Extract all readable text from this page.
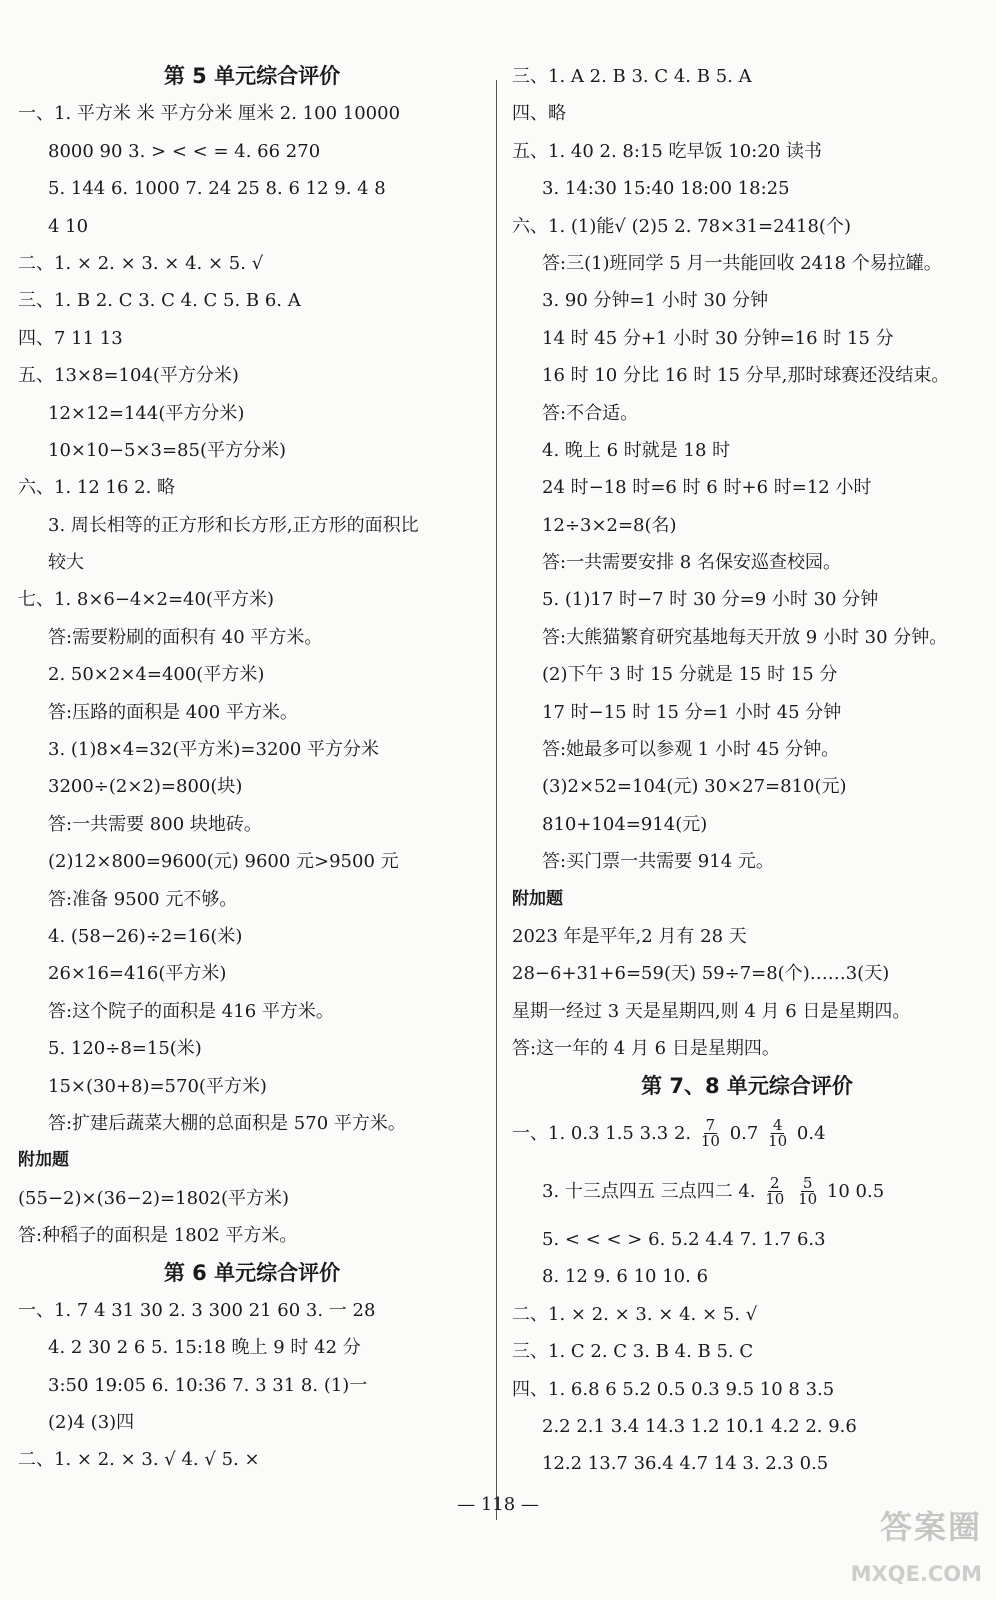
第 5 单元综合评价
一、1. 平方米 米 平方分米 厘米 2. 100 10000
8000 90 3. > < < = 4. 66 270
5. 144 6. 1000 7. 24 25 8. 6 12 9. 4 8
4 10
二、1. × 2. × 3. × 4. × 5. √
三、1. B 2. C 3. C 4. C 5. B 6. A
四、7 11 13
五、13×8=104(平方分米)
12×12=144(平方分米)
10×10−5×3=85(平方分米)
六、1. 12 16 2. 略
3. 周长相等的正方形和长方形,正方形的面积比
较大
七、1. 8×6−4×2=40(平方米)
答:需要粉刷的面积有 40 平方米。
2. 50×2×4=400(平方米)
答:压路的面积是 400 平方米。
3. (1)8×4=32(平方米)=3200 平方分米
3200÷(2×2)=800(块)
答:一共需要 800 块地砖。
(2)12×800=9600(元) 9600 元>9500 元
答:准备 9500 元不够。
4. (58−26)÷2=16(米)
26×16=416(平方米)
答:这个院子的面积是 416 平方米。
5. 120÷8=15(米)
15×(30+8)=570(平方米)
答:扩建后蔬菜大棚的总面积是 570 平方米。
附加题
(55−2)×(36−2)=1802(平方米)
答:种稻子的面积是 1802 平方米。
第 6 单元综合评价
一、1. 7 4 31 30 2. 3 300 21 60 3. 一 28
4. 2 30 2 6 5. 15:18 晚上 9 时 42 分
3:50 19:05 6. 10:36 7. 3 31 8. (1)一
(2)4 (3)四
二、1. × 2. × 3. √ 4. √ 5. ×
三、1. A 2. B 3. C 4. B 5. A
四、略
五、1. 40 2. 8:15 吃早饭 10:20 读书
3. 14:30 15:40 18:00 18:25
六、1. (1)能√ (2)5 2. 78×31=2418(个)
答:三(1)班同学 5 月一共能回收 2418 个易拉罐。
3. 90 分钟=1 小时 30 分钟
14 时 45 分+1 小时 30 分钟=16 时 15 分
16 时 10 分比 16 时 15 分早,那时球赛还没结束。
答:不合适。
4. 晚上 6 时就是 18 时
24 时−18 时=6 时 6 时+6 时=12 小时
12÷3×2=8(名)
答:一共需要安排 8 名保安巡查校园。
5. (1)17 时−7 时 30 分=9 小时 30 分钟
答:大熊猫繁育研究基地每天开放 9 小时 30 分钟。
(2)下午 3 时 15 分就是 15 时 15 分
17 时−15 时 15 分=1 小时 45 分钟
答:她最多可以参观 1 小时 45 分钟。
(3)2×52=104(元) 30×27=810(元)
810+104=914(元)
答:买门票一共需要 914 元。
附加题
2023 年是平年,2 月有 28 天
28−6+31+6=59(天) 59÷7=8(个)……3(天)
星期一经过 3 天是星期四,则 4 月 6 日是星期四。
答:这一年的 4 月 6 日是星期四。
第 7、8 单元综合评价
一、1. 0.3 1.5 3.3 2. $\frac{7}{10} 0.7 \frac{4}{10} 0.4$
3. 十三点四五 三点四二 4. $\frac{2}{10}$
$\frac{5}{10} 10$ 0.5
5. < < < > 6. 5.2 4.4 7. 1.7 6.3
8. 12 9. 6 10 10. 6
二、1. × 2. × 3. × 4. × 5. √
三、1. C 2. C 3. B 4. B 5. C
四、1. 6.8 6 5.2 0.5 0.3 9.5 10 8 3.5
2.2 2.1 3.4 14.3 1.2 10.1 4.2 2. 9.6
12.2 13.7 36.4 4.7 14 3. 2.3 0.5
— 118 —
答案圈
MXQE.COM
